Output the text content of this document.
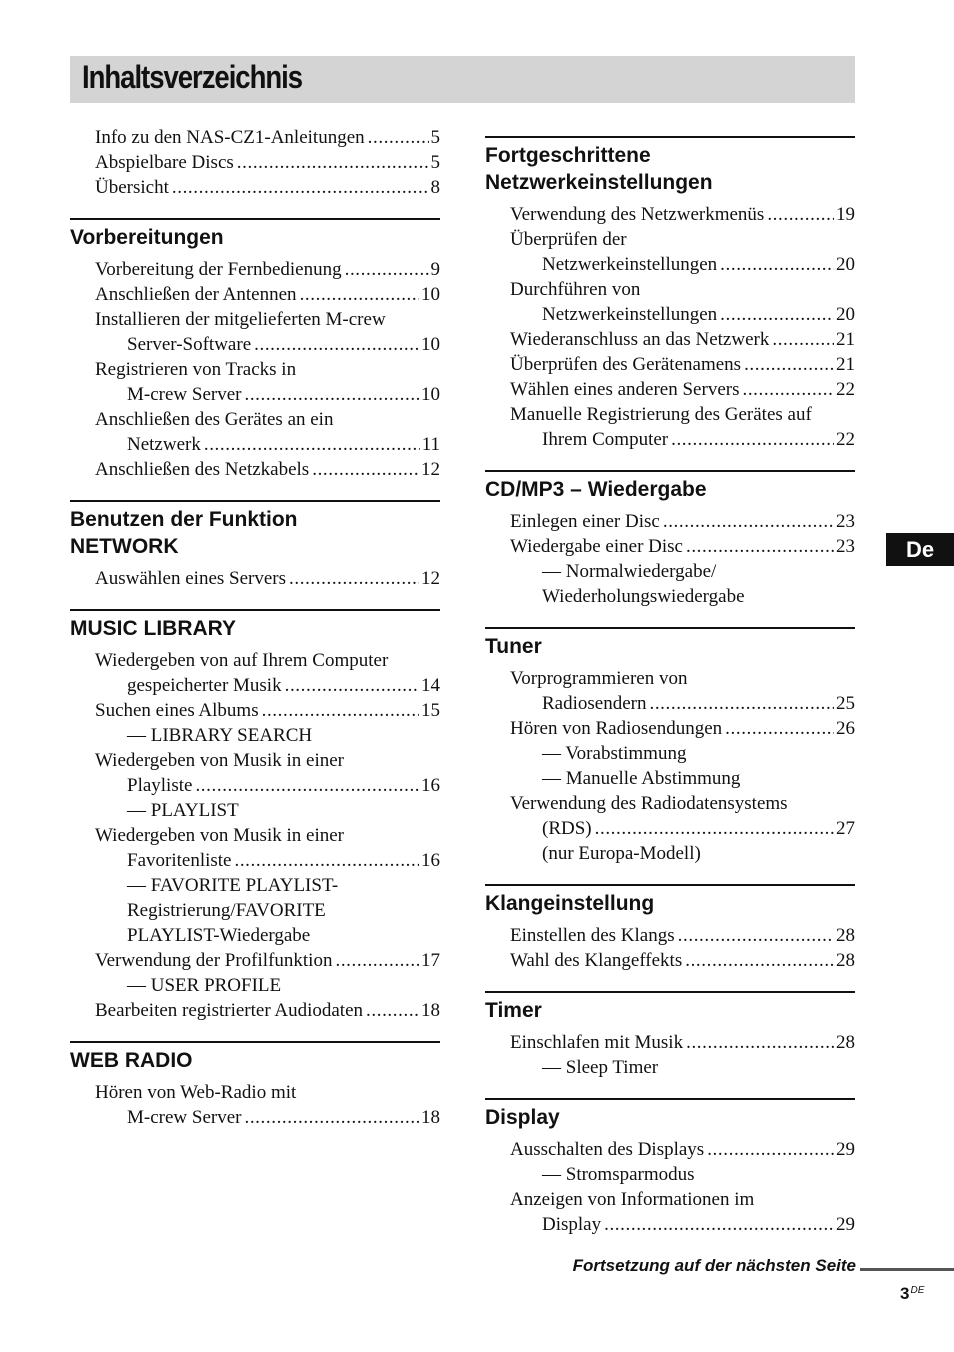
Inhaltsverzeichnis
Info zu den NAS-CZ1-Anleitungen .....	5
Abspielbare Discs .....	5
Übersicht .....	8
Vorbereitungen
Vorbereitung der Fernbedienung .....	9
Anschließen der Antennen .....	10
Installieren der mitgelieferten M-crew
Server-Software .....	10
Registrieren von Tracks in
M-crew Server .....	10
Anschließen des Gerätes an ein
Netzwerk .....	11
Anschließen des Netzkabels .....	12
Benutzen der Funktion
NETWORK
Auswählen eines Servers .....	12
MUSIC LIBRARY
Wiedergeben von auf Ihrem Computer
gespeicherter Musik .....	14
Suchen eines Albums .....	15
— LIBRARY SEARCH
Wiedergeben von Musik in einer
Playliste .....	16
— PLAYLIST
Wiedergeben von Musik in einer
Favoritenliste .....	16
— FAVORITE PLAYLIST-
Registrierung/FAVORITE
PLAYLIST-Wiedergabe
Verwendung der Profilfunktion .....	17
— USER PROFILE
Bearbeiten registrierter Audiodaten .....	18
WEB RADIO
Hören von Web-Radio mit
M-crew Server .....	18
Fortgeschrittene
Netzwerkeinstellungen
Verwendung des Netzwerkmenüs .....	19
Überprüfen der
Netzwerkeinstellungen .....	20
Durchführen von
Netzwerkeinstellungen .....	20
Wiederanschluss an das Netzwerk .....	21
Überprüfen des Gerätenamens .....	21
Wählen eines anderen Servers .....	22
Manuelle Registrierung des Gerätes auf
Ihrem Computer .....	22
CD/MP3 – Wiedergabe
Einlegen einer Disc .....	23
Wiedergabe einer Disc .....	23
— Normalwiedergabe/
Wiederholungswiedergabe
Tuner
Vorprogrammieren von
Radiosendern .....	25
Hören von Radiosendungen .....	26
— Vorabstimmung
— Manuelle Abstimmung
Verwendung des Radiodatensystems
(RDS) .....	27
(nur Europa-Modell)
Klangeinstellung
Einstellen des Klangs .....	28
Wahl des Klangeffekts .....	28
Timer
Einschlafen mit Musik .....	28
— Sleep Timer
Display
Ausschalten des Displays .....	29
— Stromsparmodus
Anzeigen von Informationen im
Display .....	29
De
Fortsetzung auf der nächsten Seite
3DE
